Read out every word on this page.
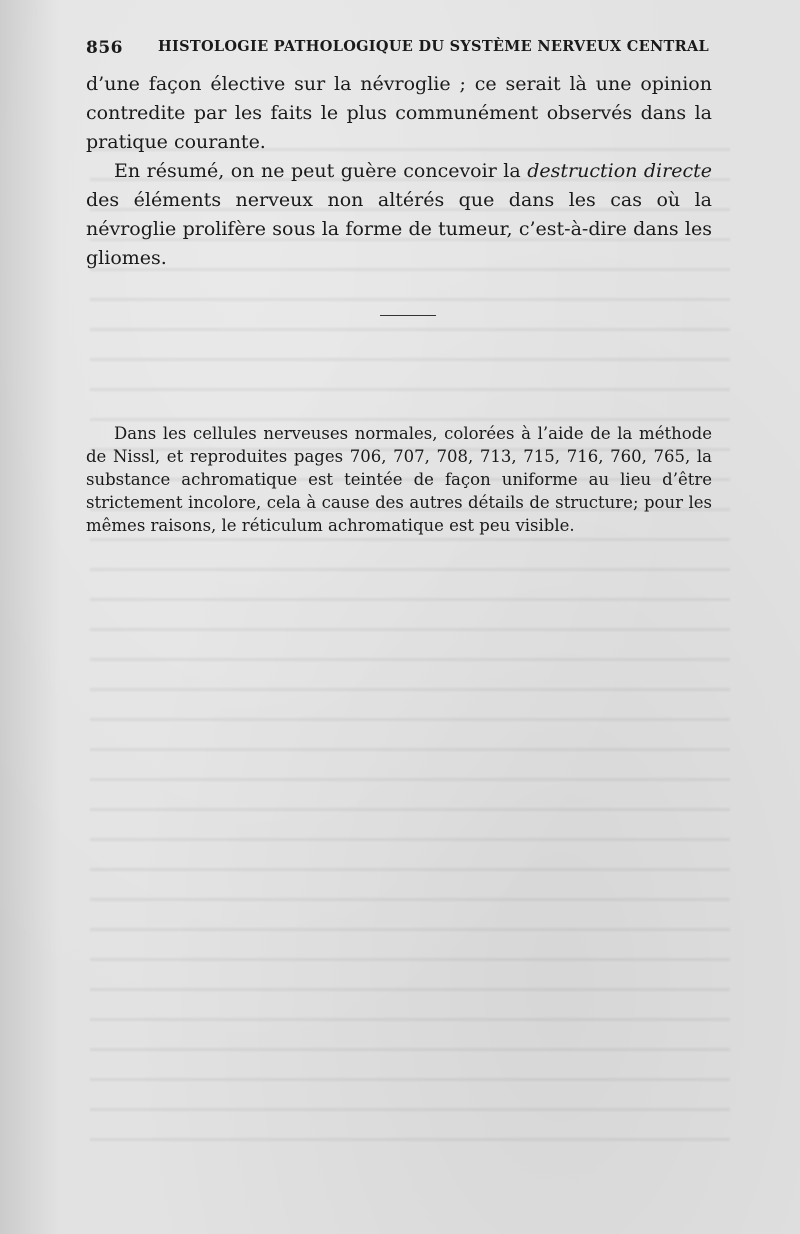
856 HISTOLOGIE PATHOLOGIQUE DU SYSTÈME NERVEUX CENTRAL

d’une façon élective sur la névroglie ; ce serait là une opinion contredite par les faits le plus communément observés dans la pratique courante.

En résumé, on ne peut guère concevoir la destruction directe des éléments nerveux non altérés que dans les cas où la névroglie prolifère sous la forme de tumeur, c’est-à-dire dans les gliomes.

Dans les cellules nerveuses normales, colorées à l’aide de la méthode de Nissl, et reproduites pages 706, 707, 708, 713, 715, 716, 760, 765, la substance achromatique est teintée de façon uniforme au lieu d’être strictement incolore, cela à cause des autres détails de structure; pour les mêmes raisons, le réticulum achromatique est peu visible.
